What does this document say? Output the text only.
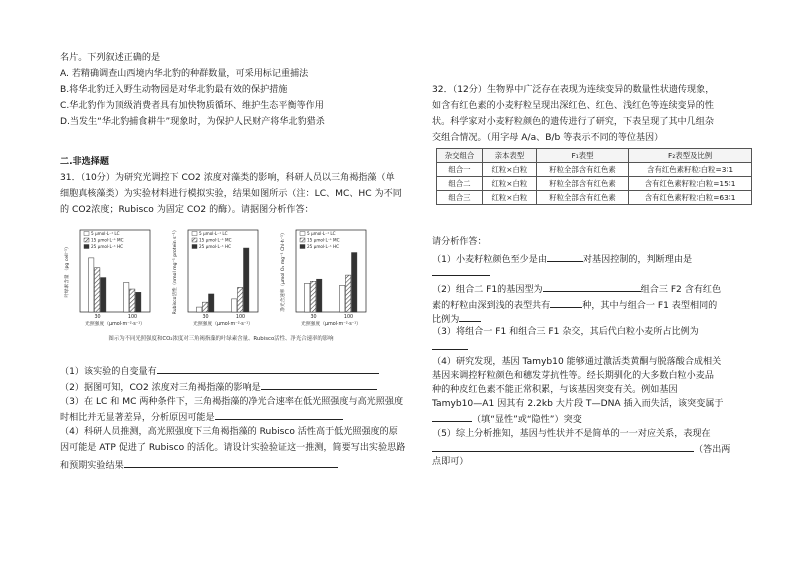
名片。下列叙述正确的是
A. 若精确调查山西境内华北豹的种群数量，可采用标记重捕法
B.将华北豹迁入野生动物园是对华北豹最有效的保护措施
C.华北豹作为顶级消费者具有加快物质循环、维护生态平衡等作用
D.当发生“华北豹捕食耕牛”现象时，为保护人民财产将华北豹猎杀
二.非选择题
31．（10分）为研究光调控下 CO2 浓度对藻类的影响，科研人员以三角褐指藻（单
细胞真核藻类）为实验材料进行模拟实验，结果如图所示（注：LC、MC、HC 为不同
的 CO2浓度；Rubisco 为固定 CO2 的酶）。请据图分析作答：
（1）该实验的自变量有
（2）据图可知，CO2 浓度对三角褐指藻的影响是
（3）在 LC 和 MC 两种条件下，三角褐指藻的净光合速率在低光照强度与高光照强度
时相比并无显著差异，分析原因可能是
（4）科研人员推测，高光照强度下三角褐指藻的 Rubisco 活性高于低光照强度的原
因可能是 ATP 促进了 Rubisco 的活化。请设计实验验证这一推测，简要写出实验思路
和预期实验结果
叶绿素含量 （pg cell⁻¹）
30	100
光照强度（μmol·m⁻²·s⁻¹）
5 μmol·L⁻¹ LC
15 μmol·L⁻¹ MC
25 μmol·L⁻¹ HC	Rubisco活性（nmol mg⁻¹ protein s⁻¹）
30	100
光照强度（μmol·m⁻²·s⁻¹）
5 μmol·L⁻¹ LC
15 μmol·L⁻¹ MC
25 μmol·L⁻¹ HC	净光合速率（μmol O₂ mg⁻¹ Chl·h⁻¹）
30	100
光照强度（μmol·m⁻²·s⁻¹）
5 μmol·L⁻¹ LC
15 μmol·L⁻¹ MC
25 μmol·L⁻¹ HC
图示为不同光照强度和CO₂浓度对三角褐指藻的叶绿素含量、Rubisco活性、净光合速率的影响
32．（12分）生物界中广泛存在表现为连续变异的数量性状遗传现象，
如含有红色素的小麦籽粒呈现出深红色、红色、浅红色等连续变异的性
状。科学家对小麦籽粒颜色的遗传进行了研究，下表呈现了其中几组杂
交组合情况。（用字母 A/a、B/b 等表示不同的等位基因）
请分析作答：
（1）小麦籽粒颜色至少是由	对基因控制的，判断理由是
（2）组合二 F1的基因型为	组合三 F2 含有红色
素的籽粒由深到浅的表型共有	种，其中与组合一 F1 表型相同的
比例为
（3）将组合一 F1 和组合三 F1 杂交，其后代白粒小麦所占比例为
（4）研究发现，基因 Tamyb10 能够通过激活类黄酮与脱落酸合成相关
基因来调控籽粒颜色和穗发芽抗性等。经长期驯化的大多数白粒小麦品
种的种皮红色素不能正常积累，与该基因突变有关。例如基因
Tamyb10—A1 因其有 2.2kb 大片段 T—DNA 插入而失活，该突变属于
（填“显性”或“隐性”）突变
（5）综上分析推知，基因与性状并不是简单的一一对应关系，表现在
（答出两
点即可）
杂交组合	亲本表型	F₁表型	F₂表型及比例
组合一	红粒×白粒	籽粒全部含有红色素	含有红色素籽粒∶白粒=3∶1
组合二	红粒×白粒	籽粒全部含有红色素	含有红色素籽粒∶白粒=15∶1
组合三	红粒×白粒	籽粒全部含有红色素	含有红色素籽粒∶白粒=63∶1
